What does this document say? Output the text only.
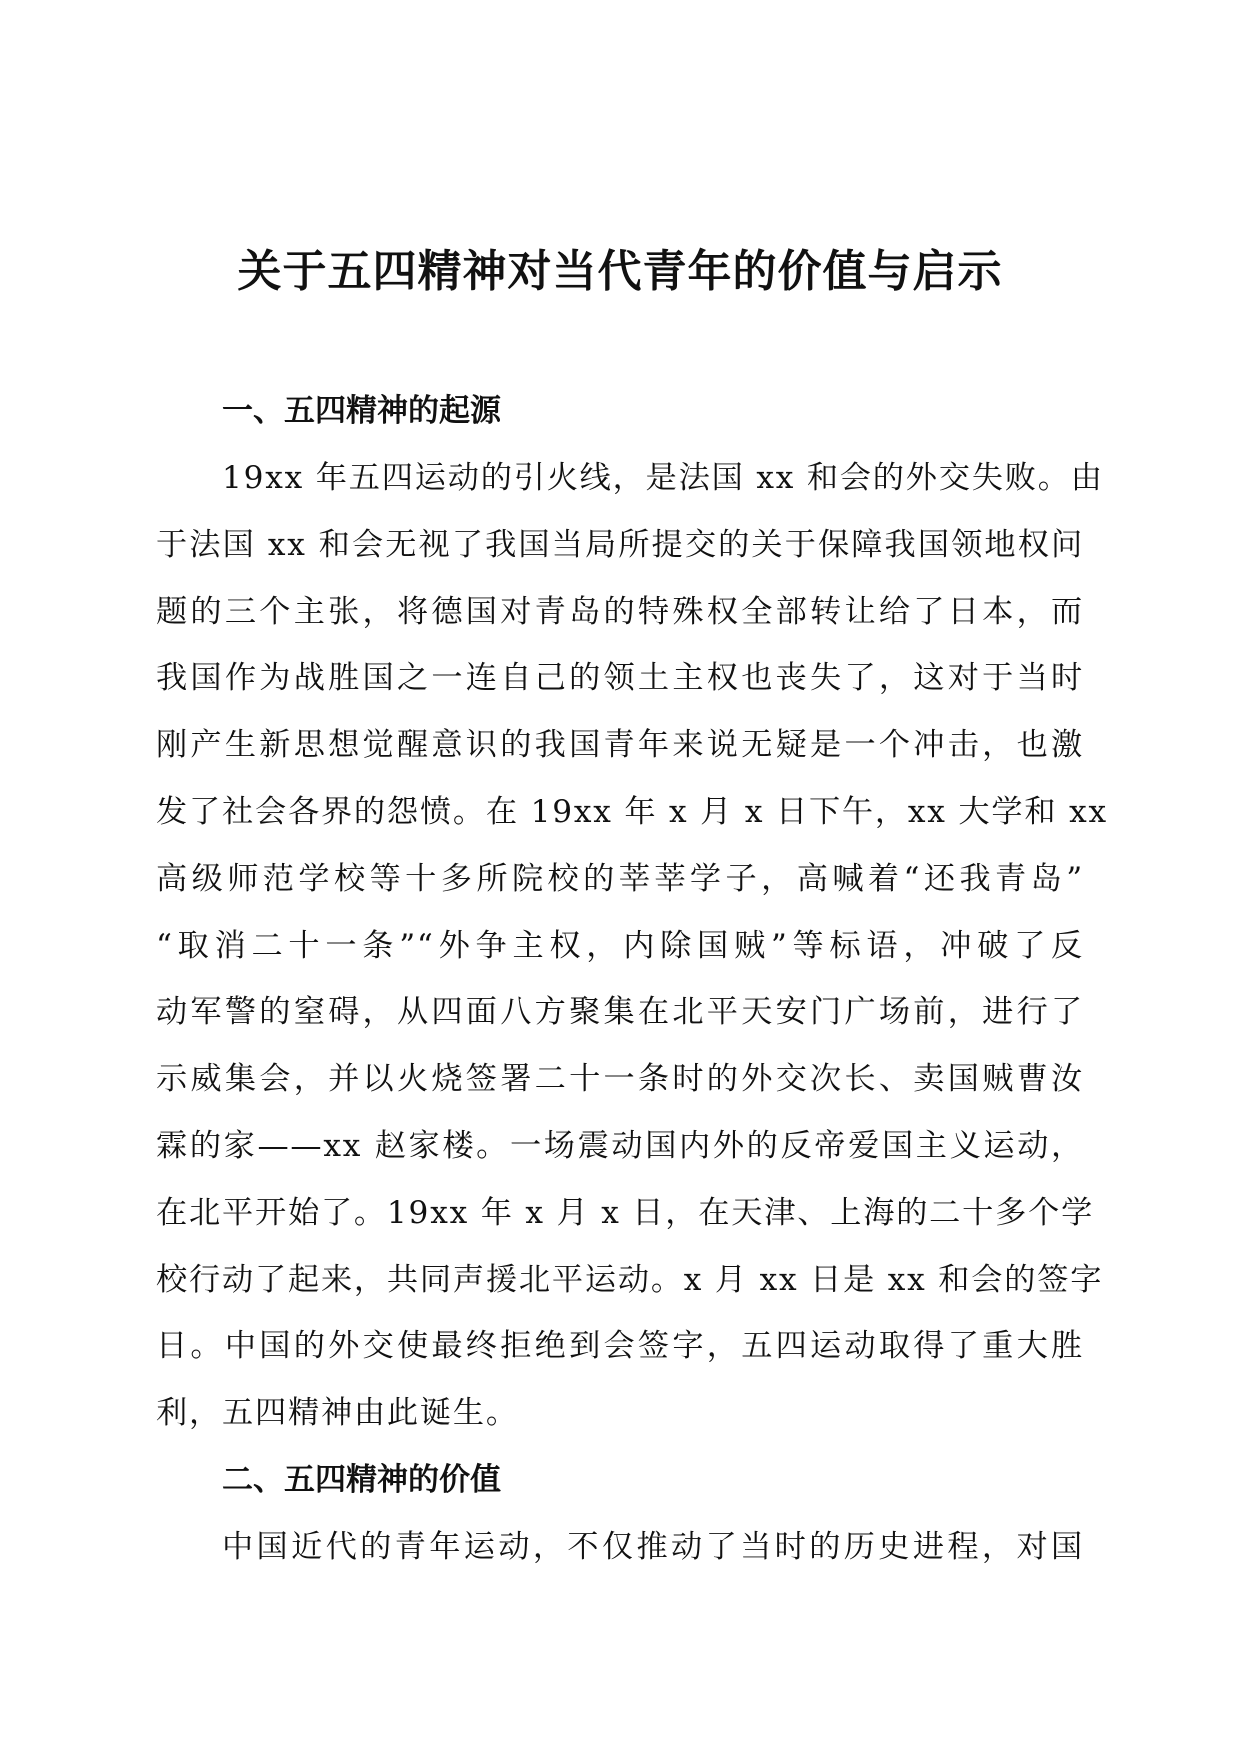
关于五四精神对当代青年的价值与启示
一、五四精神的起源
19xx 年五四运动的引火线，是法国 xx 和会的外交失败。由
于法国 xx 和会无视了我国当局所提交的关于保障我国领地权问
题的三个主张，将德国对青岛的特殊权全部转让给了日本，而
我国作为战胜国之一连自己的领土主权也丧失了，这对于当时
刚产生新思想觉醒意识的我国青年来说无疑是一个冲击，也激
发了社会各界的怨愤。在 19xx 年 x 月 x 日下午，xx 大学和 xx
高级师范学校等十多所院校的莘莘学子，高喊着“还我青岛”
“取消二十一条”“外争主权，内除国贼”等标语，冲破了反
动军警的窒碍，从四面八方聚集在北平天安门广场前，进行了
示威集会，并以火烧签署二十一条时的外交次长、卖国贼曹汝
霖的家——xx 赵家楼。一场震动国内外的反帝爱国主义运动，
在北平开始了。19xx 年 x 月 x 日，在天津、上海的二十多个学
校行动了起来，共同声援北平运动。x 月 xx 日是 xx 和会的签字
日。中国的外交使最终拒绝到会签字，五四运动取得了重大胜
利，五四精神由此诞生。
二、五四精神的价值
中国近代的青年运动，不仅推动了当时的历史进程，对国
